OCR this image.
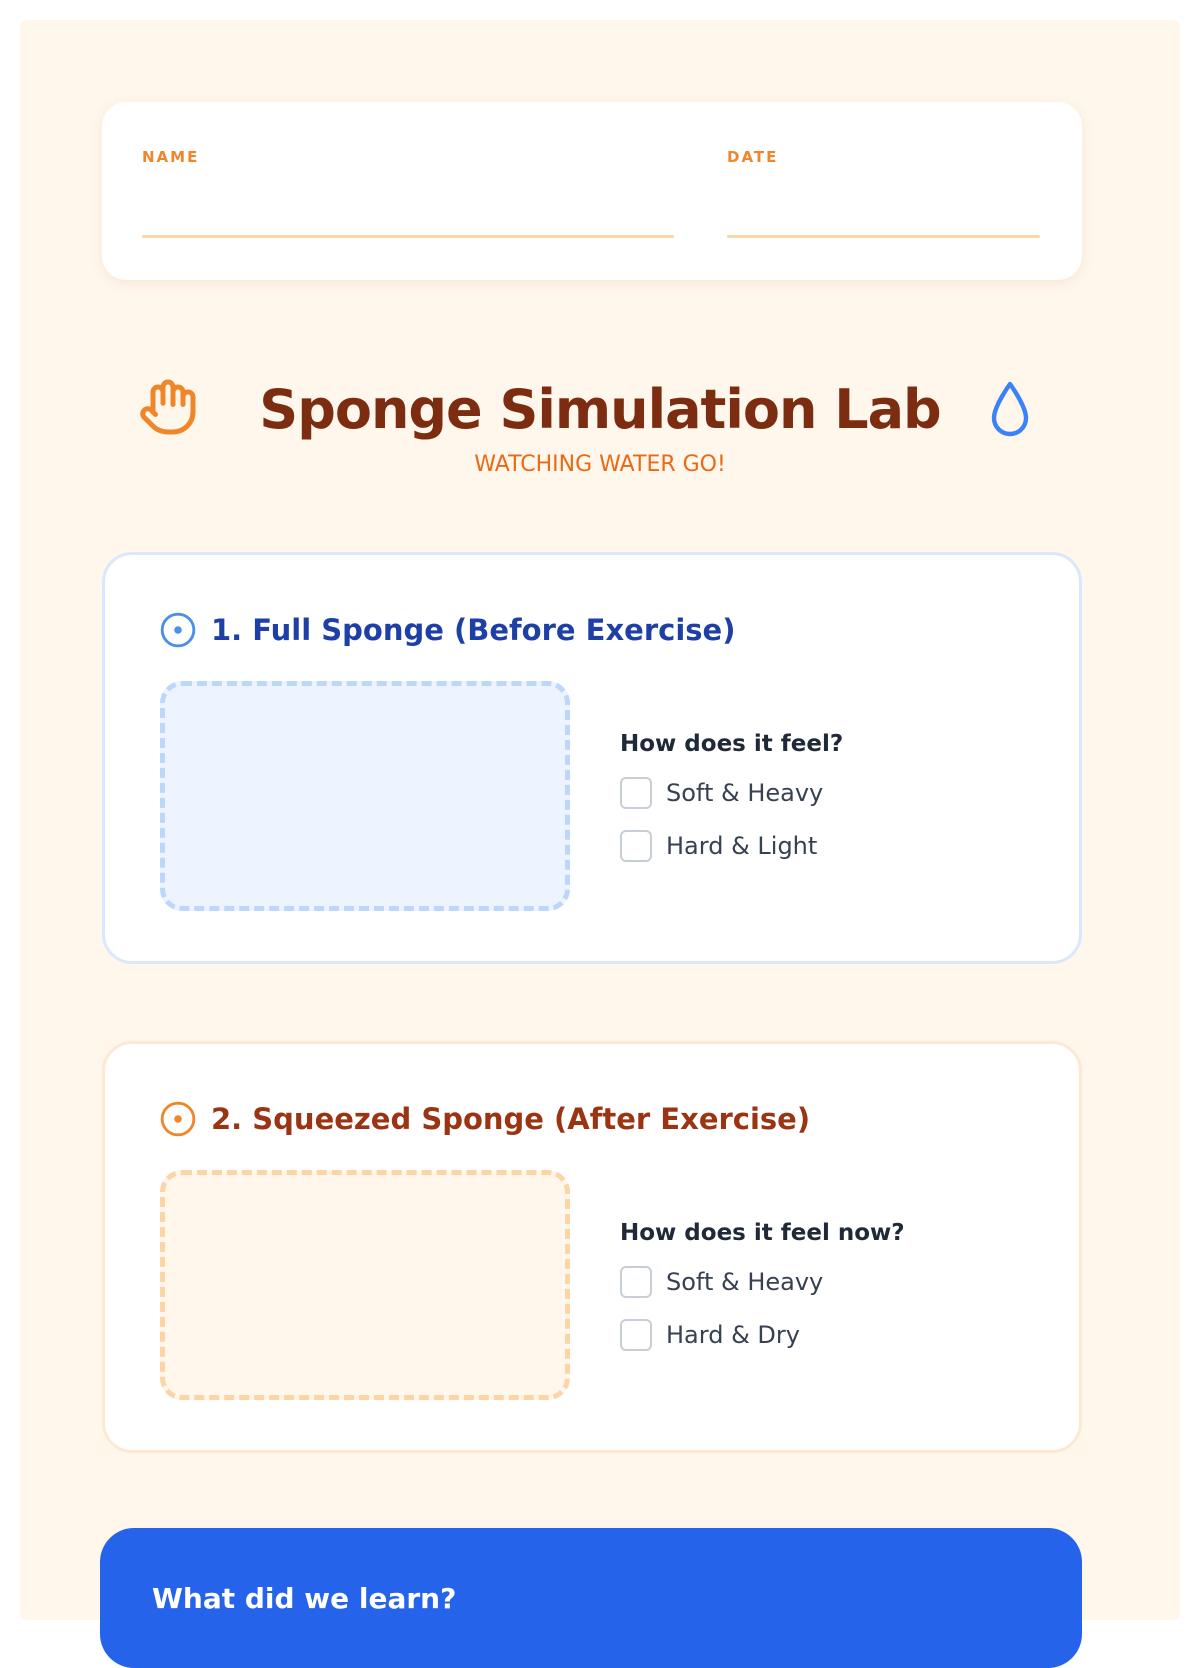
NAME	DATE
Sponge Simulation Lab
WATCHING WATER GO!
1. Full Sponge (Before Exercise)
How does it feel?
Soft & Heavy
Hard & Light
2. Squeezed Sponge (After Exercise)
How does it feel now?
Soft & Heavy
Hard & Dry
What did we learn?
